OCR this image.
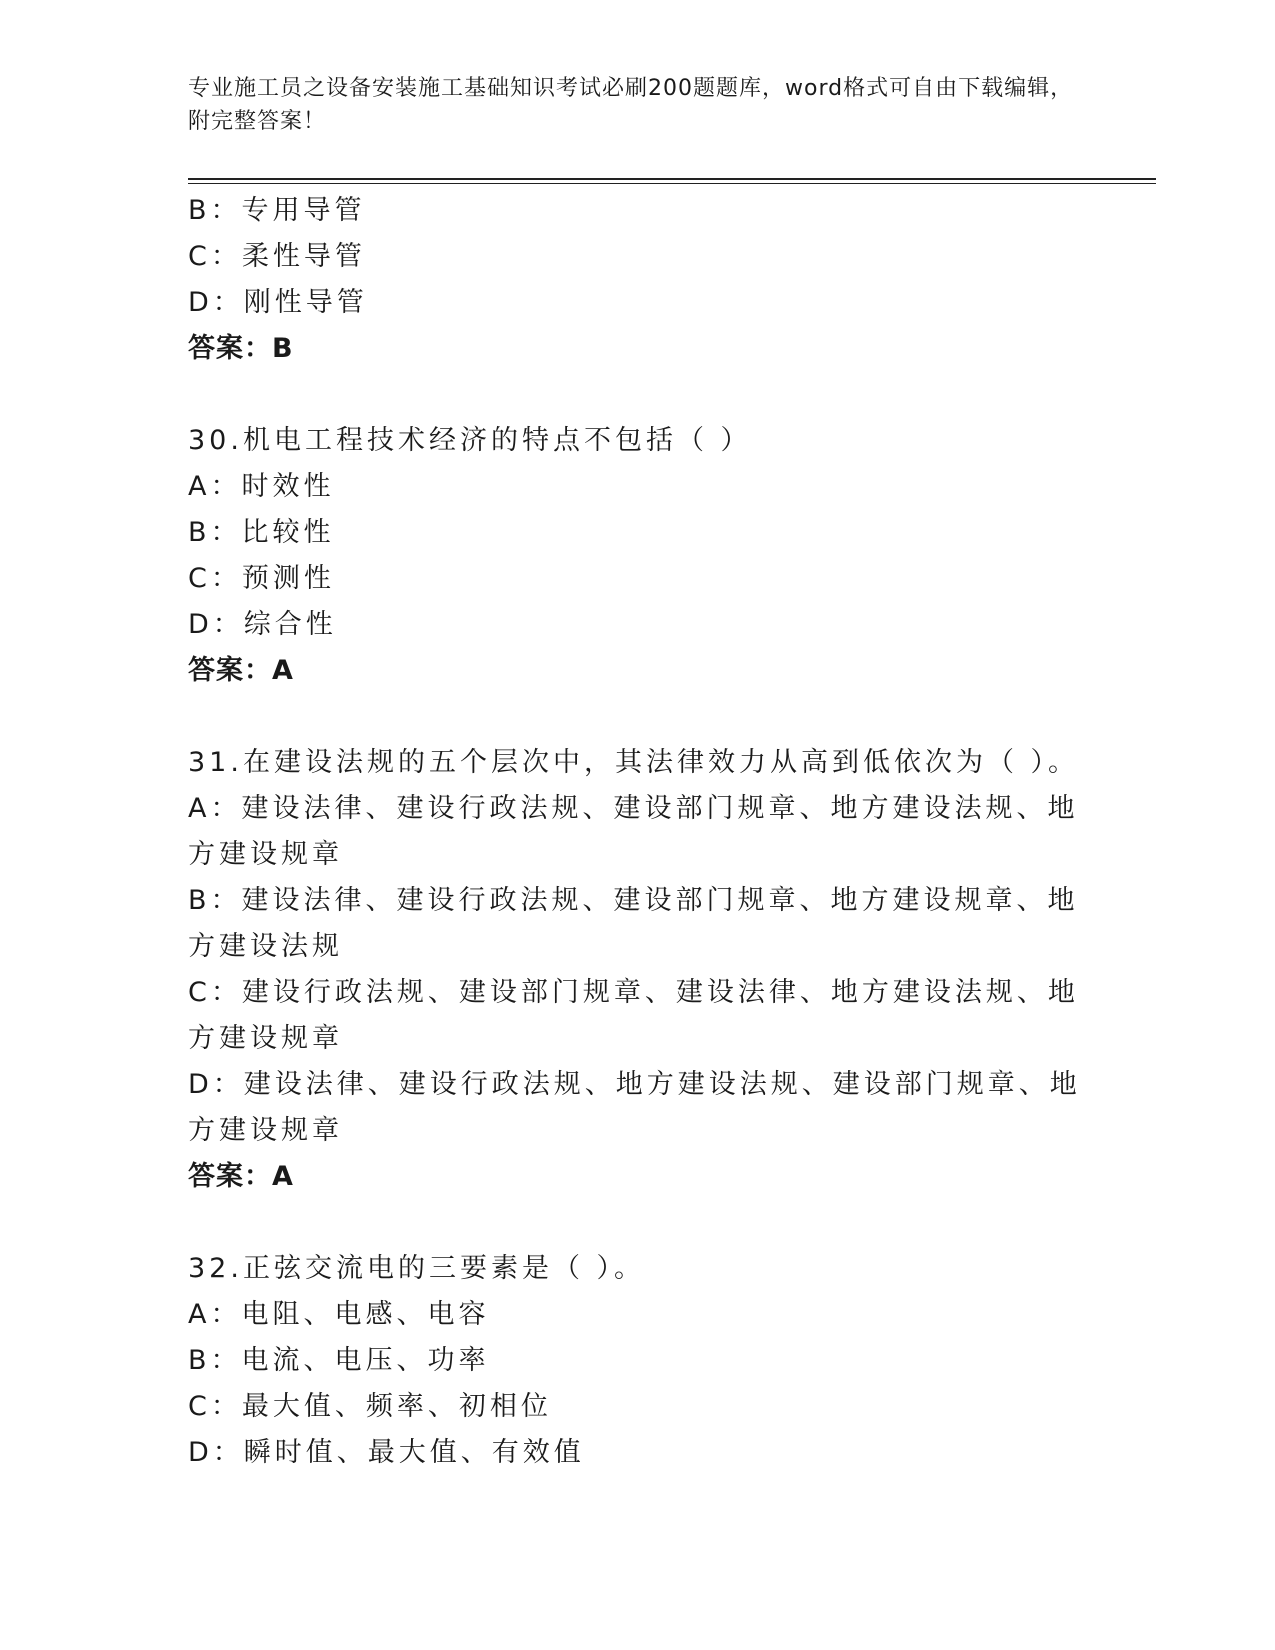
专业施工员之设备安装施工基础知识考试必刷200题题库，word格式可自由下载编辑，附完整答案！

B：专用导管

C：柔性导管

D：刚性导管

答案：B

30.机电工程技术经济的特点不包括（ ）

A：时效性

B：比较性

C：预测性

D：综合性

答案：A

31.在建设法规的五个层次中，其法律效力从高到低依次为（ ）。

A：建设法律、建设行政法规、建设部门规章、地方建设法规、地方建设规章

B：建设法律、建设行政法规、建设部门规章、地方建设规章、地方建设法规

C：建设行政法规、建设部门规章、建设法律、地方建设法规、地方建设规章

D：建设法律、建设行政法规、地方建设法规、建设部门规章、地方建设规章

答案：A

32.正弦交流电的三要素是（ ）。

A：电阻、电感、电容

B：电流、电压、功率

C：最大值、频率、初相位

D：瞬时值、最大值、有效值
